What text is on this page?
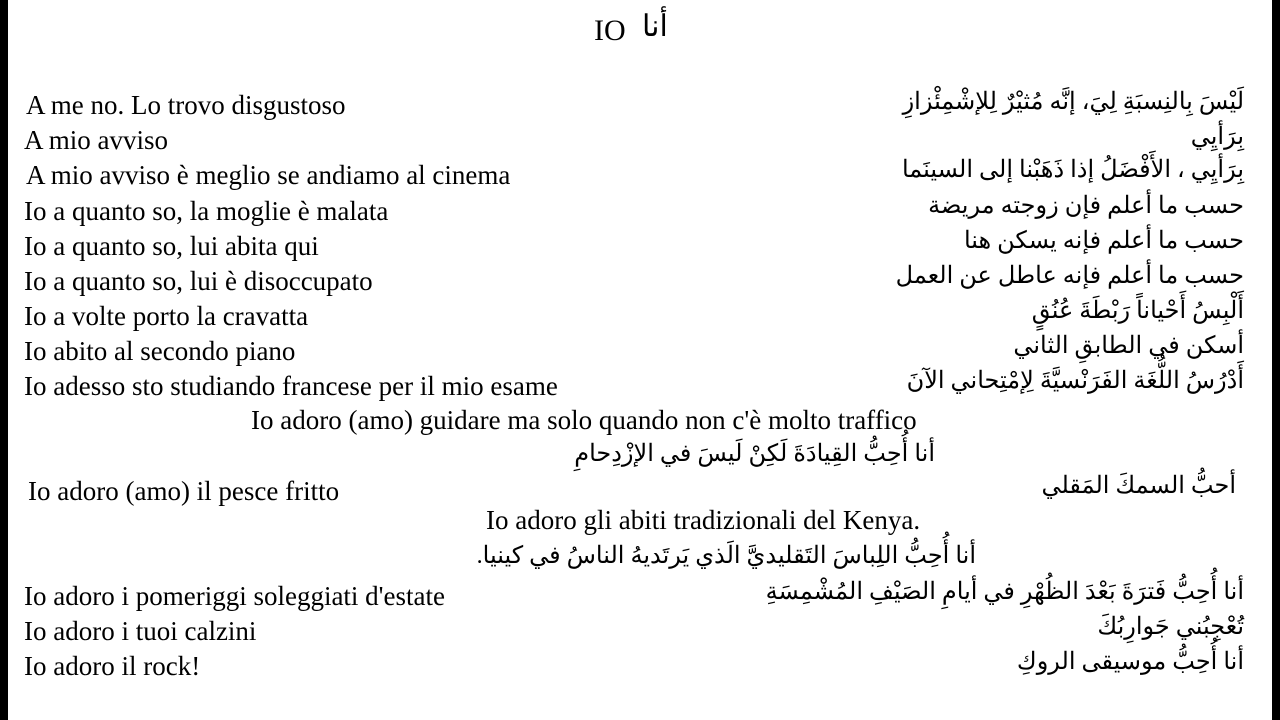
IO أنا
A me no. Lo trovo disgustoso	لَيْسَ بِالنِسبَةِ لِيَ، إنَّه مُثيْرٌ لِلإشْمِئْزازِ
A mio avviso	بِرَأيِي
A mio avviso è meglio se andiamo al cinema	بِرَأيِي ، الأَفْضَلُ إذا ذَهَبْنا إلى السينَما
Io a quanto so, la moglie è malata	حسب ما أعلم فإن زوجته مريضة
Io a quanto so, lui abita qui	حسب ما أعلم فإنه يسكن هنا
Io a quanto so, lui è disoccupato	حسب ما أعلم فإنه عاطل عن العمل
Io a volte porto la cravatta	أَلْبِسُ أَحْياناً رَبْطَةَ عُنُقٍ
Io abito al secondo piano	أسكن في الطابقِ الثاني
Io adesso sto studiando francese per il mio esame	أَدْرُسُ اللُّغَة الفَرَنْسيَّةَ لِإمْتِحاني الآنَ
Io adoro (amo) guidare ma solo quando non c'è molto traffico
أنا أُحِبُّ القِيادَةَ لَكِنْ لَيسَ في الإزْدِحامِ
Io adoro (amo) il pesce fritto	أحبُّ السمكَ المَقلي
Io adoro gli abiti tradizionali del Kenya.
أنا أُحِبُّ اللِباسَ التَقليديَّ الَذي يَرتَديهُ الناسُ في كينيا.
Io adoro i pomeriggi soleggiati d'estate	أنا أُحِبُّ فَترَةَ بَعْدَ الظُهْرِ في أيامِ الصَيْفِ المُشْمِسَةِ
Io adoro i tuoi calzini	تُعْجِبُني جَوارِبُكَ
Io adoro il rock!	أنا أُحِبُّ موسيقى الروكِ
